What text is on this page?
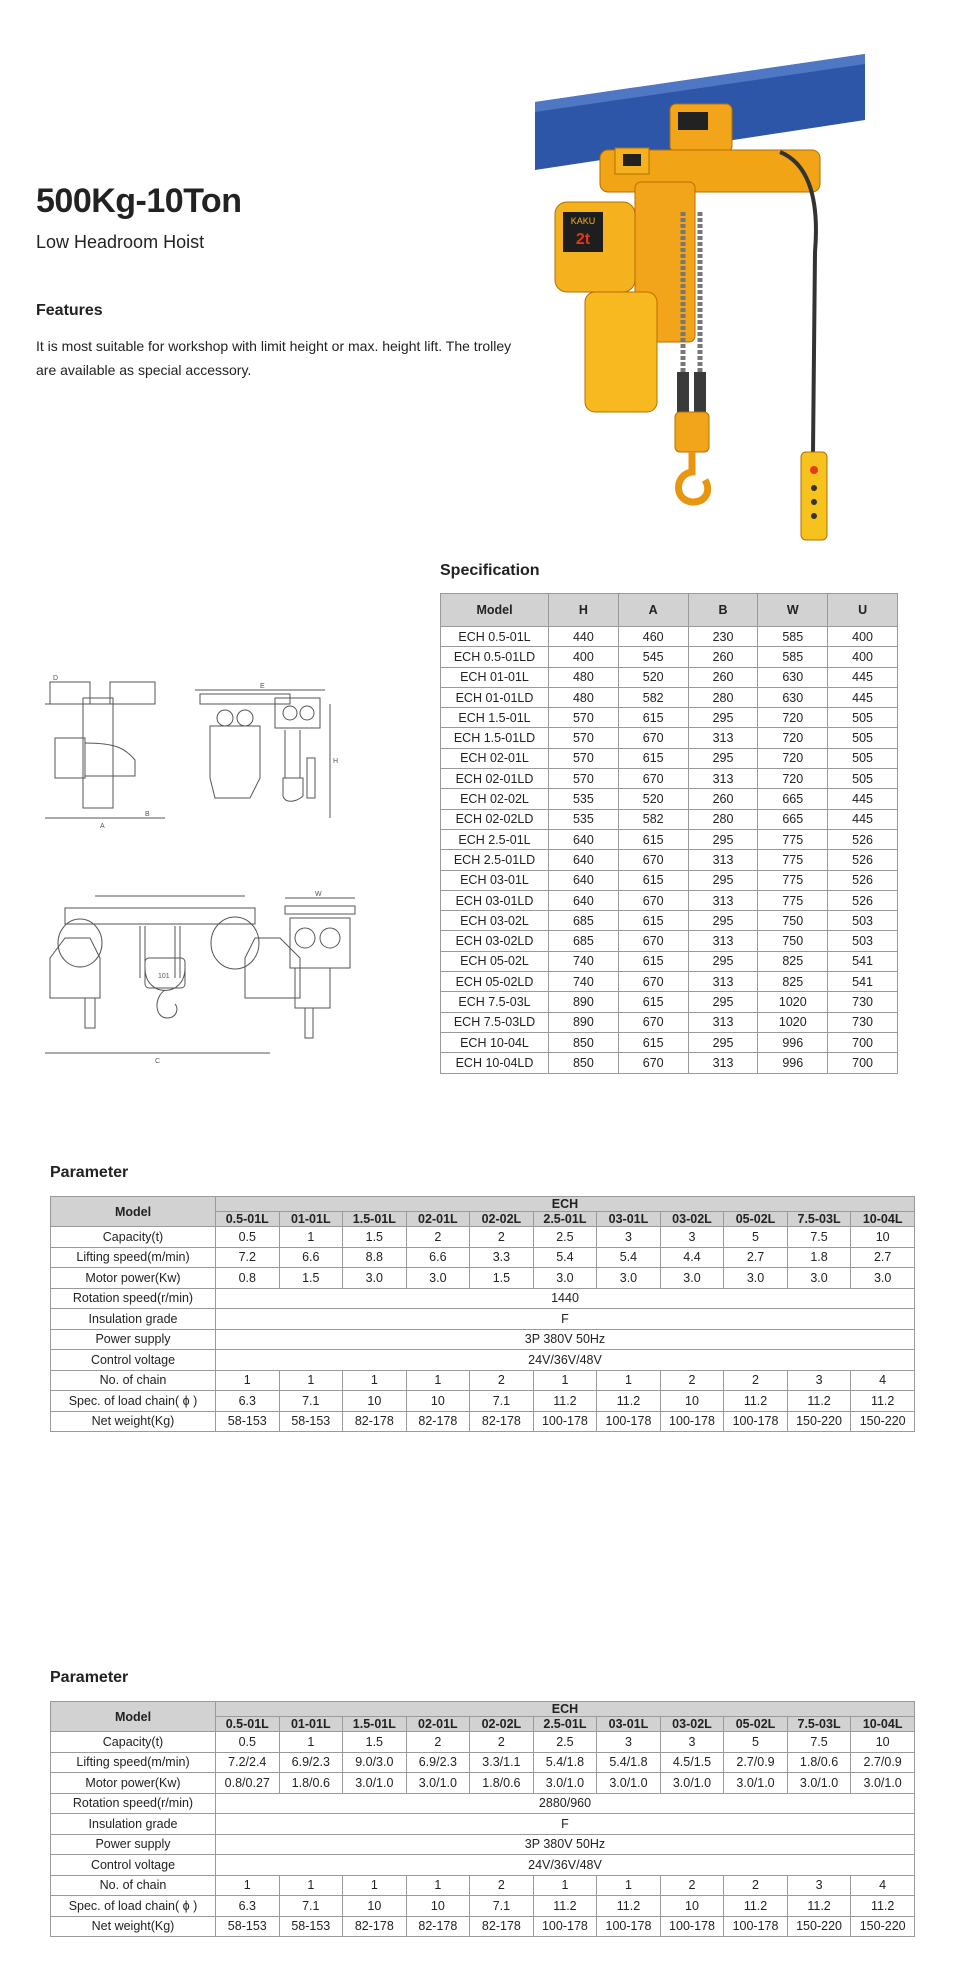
500Kg-10Ton
Low Headroom Hoist
Features
It is most suitable for workshop with limit height or max. height lift. The trolley are available as special accessory.
KAKU
2t
Specification
Model	H	A	B	W	U
ECH 0.5-01L	440	460	230	585	400
ECH 0.5-01LD	400	545	260	585	400
ECH 01-01L	480	520	260	630	445
ECH 01-01LD	480	582	280	630	445
ECH 1.5-01L	570	615	295	720	505
ECH 1.5-01LD	570	670	313	720	505
ECH 02-01L	570	615	295	720	505
ECH 02-01LD	570	670	313	720	505
ECH 02-02L	535	520	260	665	445
ECH 02-02LD	535	582	280	665	445
ECH 2.5-01L	640	615	295	775	526
ECH 2.5-01LD	640	670	313	775	526
ECH 03-01L	640	615	295	775	526
ECH 03-01LD	640	670	313	775	526
ECH 03-02L	685	615	295	750	503
ECH 03-02LD	685	670	313	750	503
ECH 05-02L	740	615	295	825	541
ECH 05-02LD	740	670	313	825	541
ECH 7.5-03L	890	615	295	1020	730
ECH 7.5-03LD	890	670	313	1020	730
ECH 10-04L	850	615	295	996	700
ECH 10-04LD	850	670	313	996	700
B
A
D
H
E
101
C
W
Parameter
Model	ECH										
	0.5-01L	01-01L	1.5-01L	02-01L	02-02L	2.5-01L	03-01L	03-02L	05-02L	7.5-03L	10-04L
Capacity(t)	0.5	1	1.5	2	2	2.5	3	3	5	7.5	10
Lifting speed(m/min)	7.2	6.6	8.8	6.6	3.3	5.4	5.4	4.4	2.7	1.8	2.7
Motor power(Kw)	0.8	1.5	3.0	3.0	1.5	3.0	3.0	3.0	3.0	3.0	3.0
Rotation speed(r/min)	1440										
Insulation grade	F										
Power supply	3P 380V 50Hz										
Control voltage	24V/36V/48V										
No. of chain	1	1	1	1	2	1	1	2	2	3	4
Spec. of load chain( ϕ )	6.3	7.1	10	10	7.1	11.2	11.2	10	11.2	11.2	11.2
Net weight(Kg)	58-153	58-153	82-178	82-178	82-178	100-178	100-178	100-178	100-178	150-220	150-220
Parameter
Model	ECH										
	0.5-01L	01-01L	1.5-01L	02-01L	02-02L	2.5-01L	03-01L	03-02L	05-02L	7.5-03L	10-04L
Capacity(t)	0.5	1	1.5	2	2	2.5	3	3	5	7.5	10
Lifting speed(m/min)	7.2/2.4	6.9/2.3	9.0/3.0	6.9/2.3	3.3/1.1	5.4/1.8	5.4/1.8	4.5/1.5	2.7/0.9	1.8/0.6	2.7/0.9
Motor power(Kw)	0.8/0.27	1.8/0.6	3.0/1.0	3.0/1.0	1.8/0.6	3.0/1.0	3.0/1.0	3.0/1.0	3.0/1.0	3.0/1.0	3.0/1.0
Rotation speed(r/min)	2880/960										
Insulation grade	F										
Power supply	3P 380V 50Hz										
Control voltage	24V/36V/48V										
No. of chain	1	1	1	1	2	1	1	2	2	3	4
Spec. of load chain( ϕ )	6.3	7.1	10	10	7.1	11.2	11.2	10	11.2	11.2	11.2
Net weight(Kg)	58-153	58-153	82-178	82-178	82-178	100-178	100-178	100-178	100-178	150-220	150-220
